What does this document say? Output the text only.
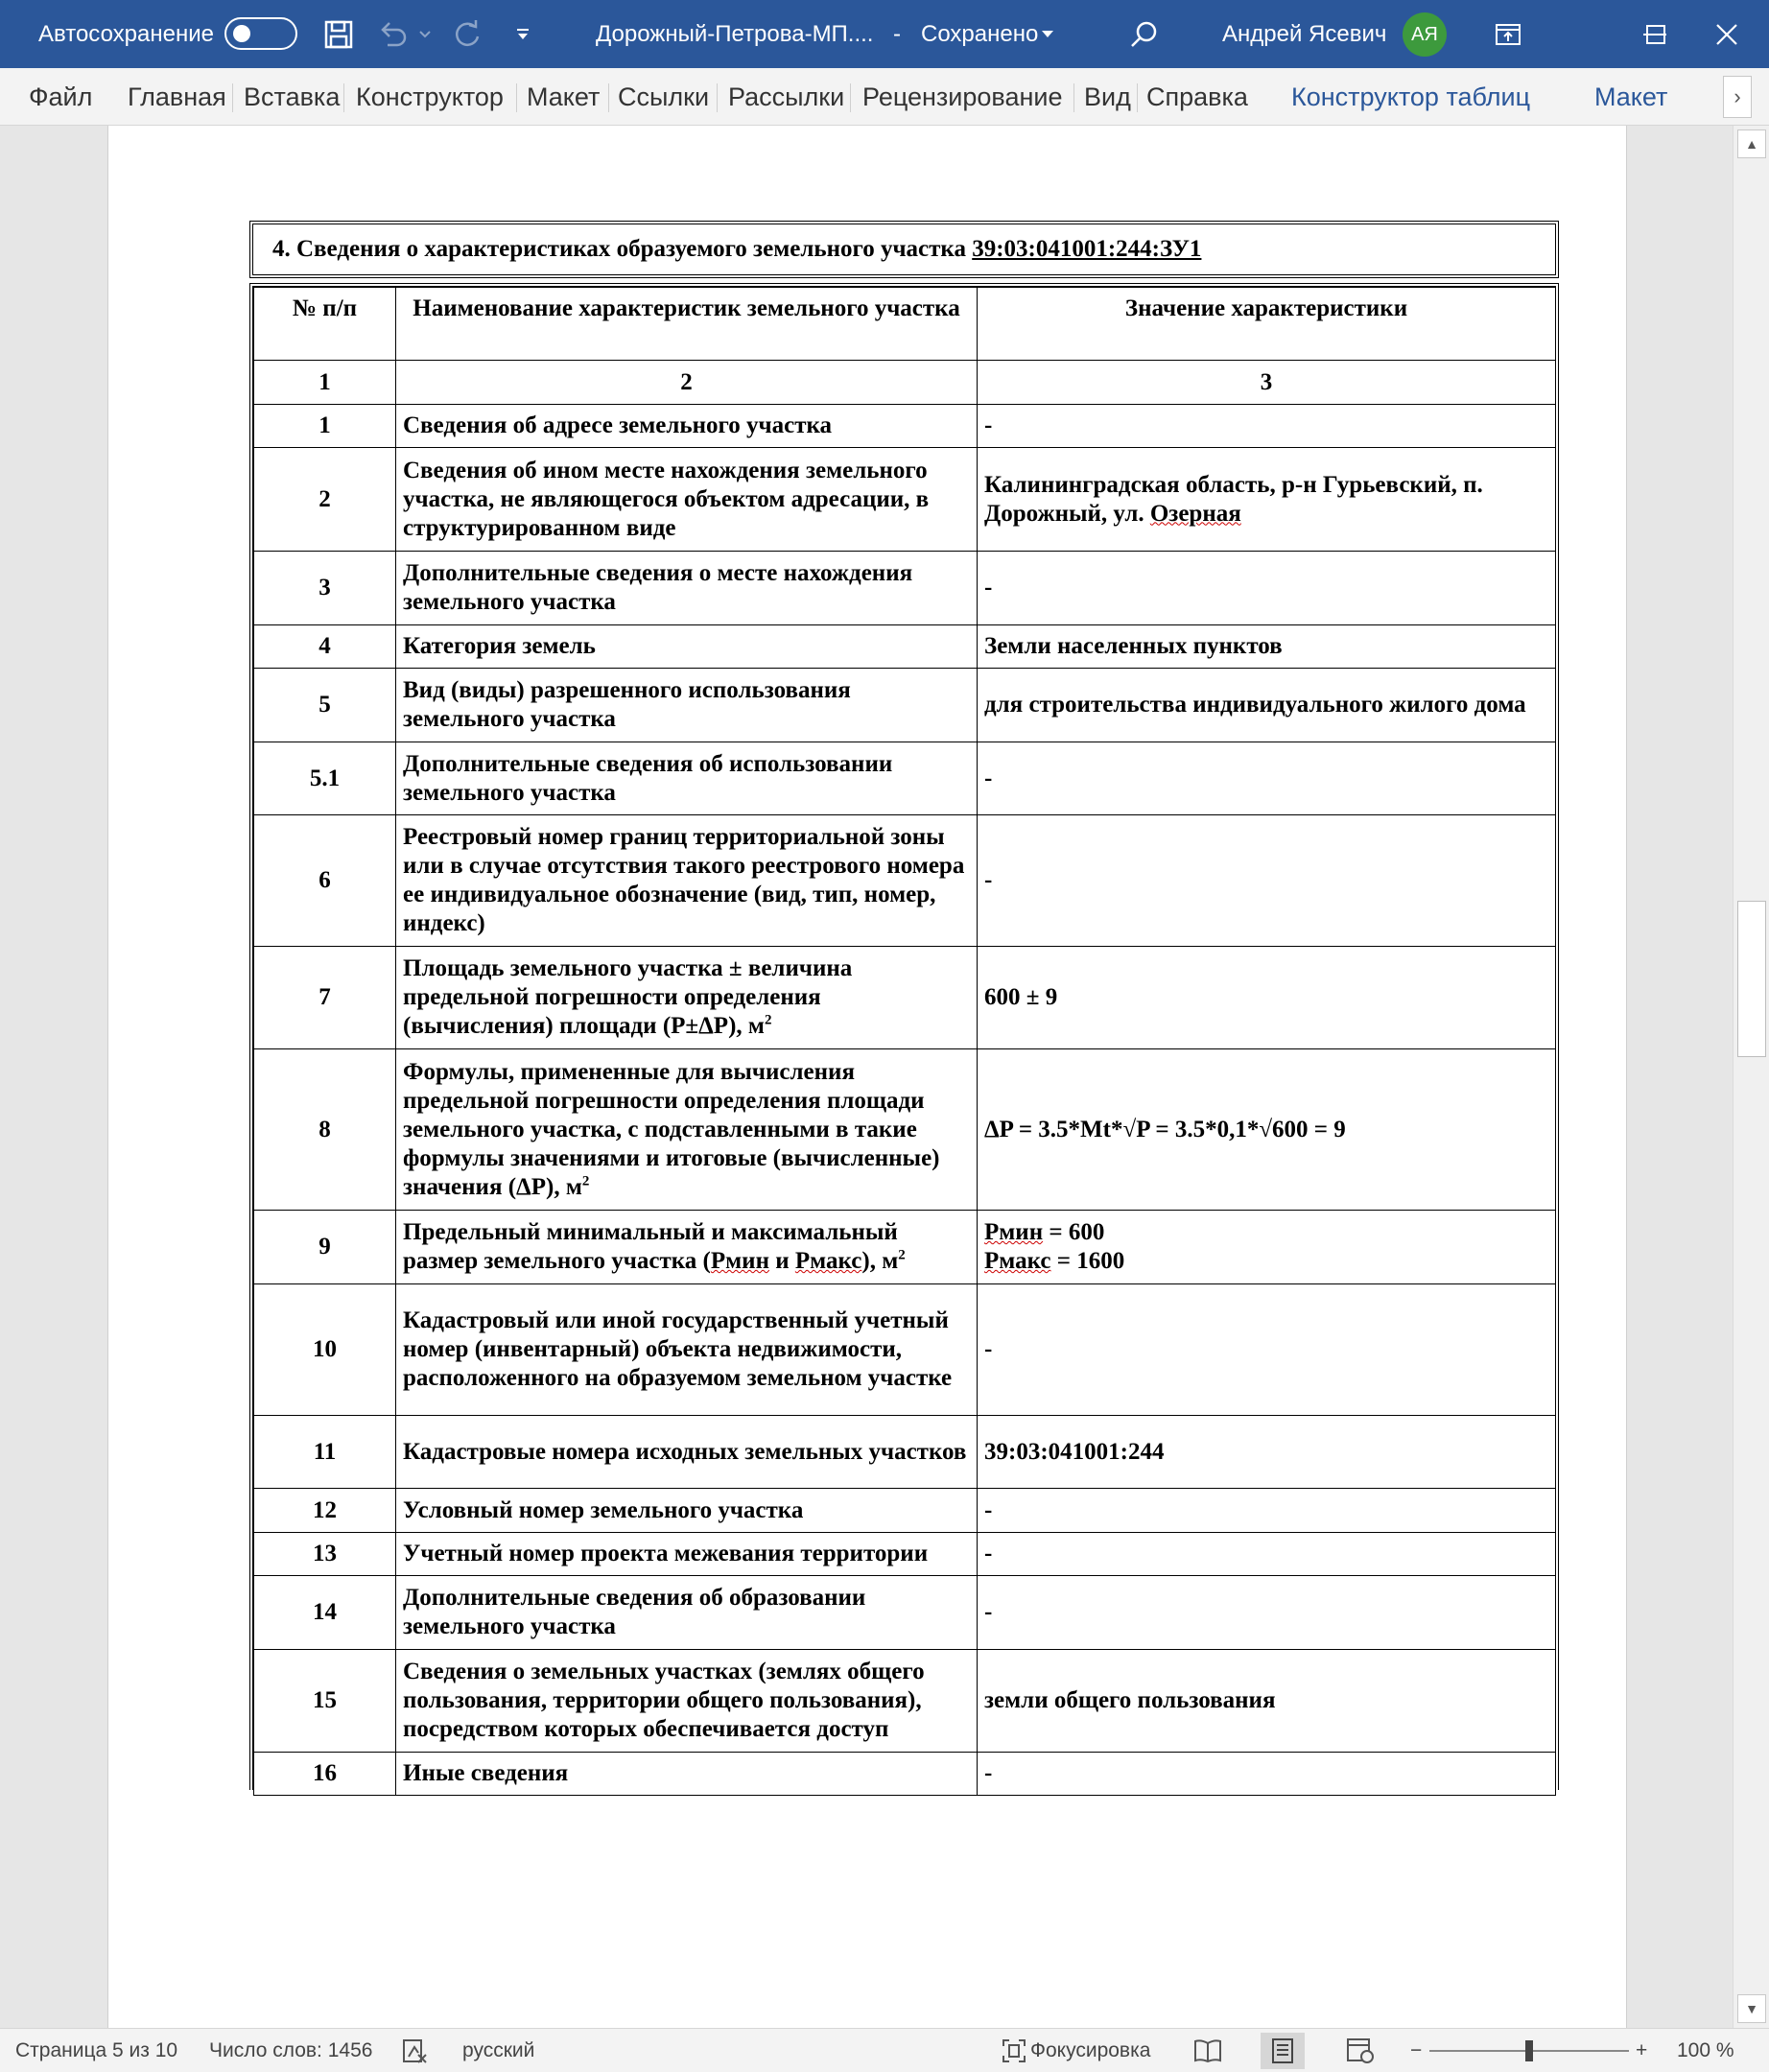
Автосохранение	Дорожный-Петрова-МП.... - Сохранено	Андрей Ясевич	АЯ
Файл Главная Вставка Конструктор Макет Ссылки Рассылки Рецензирование Вид Справка Конструктор таблиц Макет	›
4. Сведения о характеристиках образуемого земельного участка 39:03:041001:244:ЗУ1
№ п/п	Наименование характеристик земельного участка	Значение характеристики
1	2	3
1	Сведения об адресе земельного участка	-
2	Сведения об ином месте нахождения земельного участка, не являющегося объектом адресации, в структурированном виде	Калининградская область, р-н Гурьевский, п. Дорожный, ул. Озерная
3	Дополнительные сведения о месте нахождения земельного участка	-
4	Категория земель	Земли населенных пунктов
5	Вид (виды) разрешенного использования земельного участка	для строительства индивидуального жилого дома
5.1	Дополнительные сведения об использовании земельного участка	-
6	Реестровый номер границ территориальной зоны или в случае отсутствия такого реестрового номера ее индивидуальное обозначение (вид, тип, номер, индекс)	-
7	Площадь земельного участка ± величина предельной погрешности определения (вычисления) площади (P±ΔP), $м^2$	600 ± 9
8	Формулы, примененные для вычисления предельной погрешности определения площади земельного участка, с подставленными в такие формулы значениями и итоговые (вычисленные) значения (ΔP), $м^2$	ΔP = 3.5*Mt*√P = 3.5*0,1*√600 = 9
9	Предельный минимальный и максимальный размер земельного участка (Pмин и Pмакс), $м^2$	Pмин = 600
Pмакс = 1600
10	Кадастровый или иной государственный учетный номер (инвентарный) объекта недвижимости, расположенного на образуемом земельном участке	-
11	Кадастровые номера исходных земельных участков	39:03:041001:244
12	Условный номер земельного участка	-
13	Учетный номер проекта межевания территории	-
14	Дополнительные сведения об образовании земельного участка	-
15	Сведения о земельных участках (землях общего пользования, территории общего пользования), посредством которых обеспечивается доступ	земли общего пользования
16	Иные сведения	-
▲
▼
Страница 5 из 10 Число слов: 1456	русский	Фокусировка	−	+ 100 %
